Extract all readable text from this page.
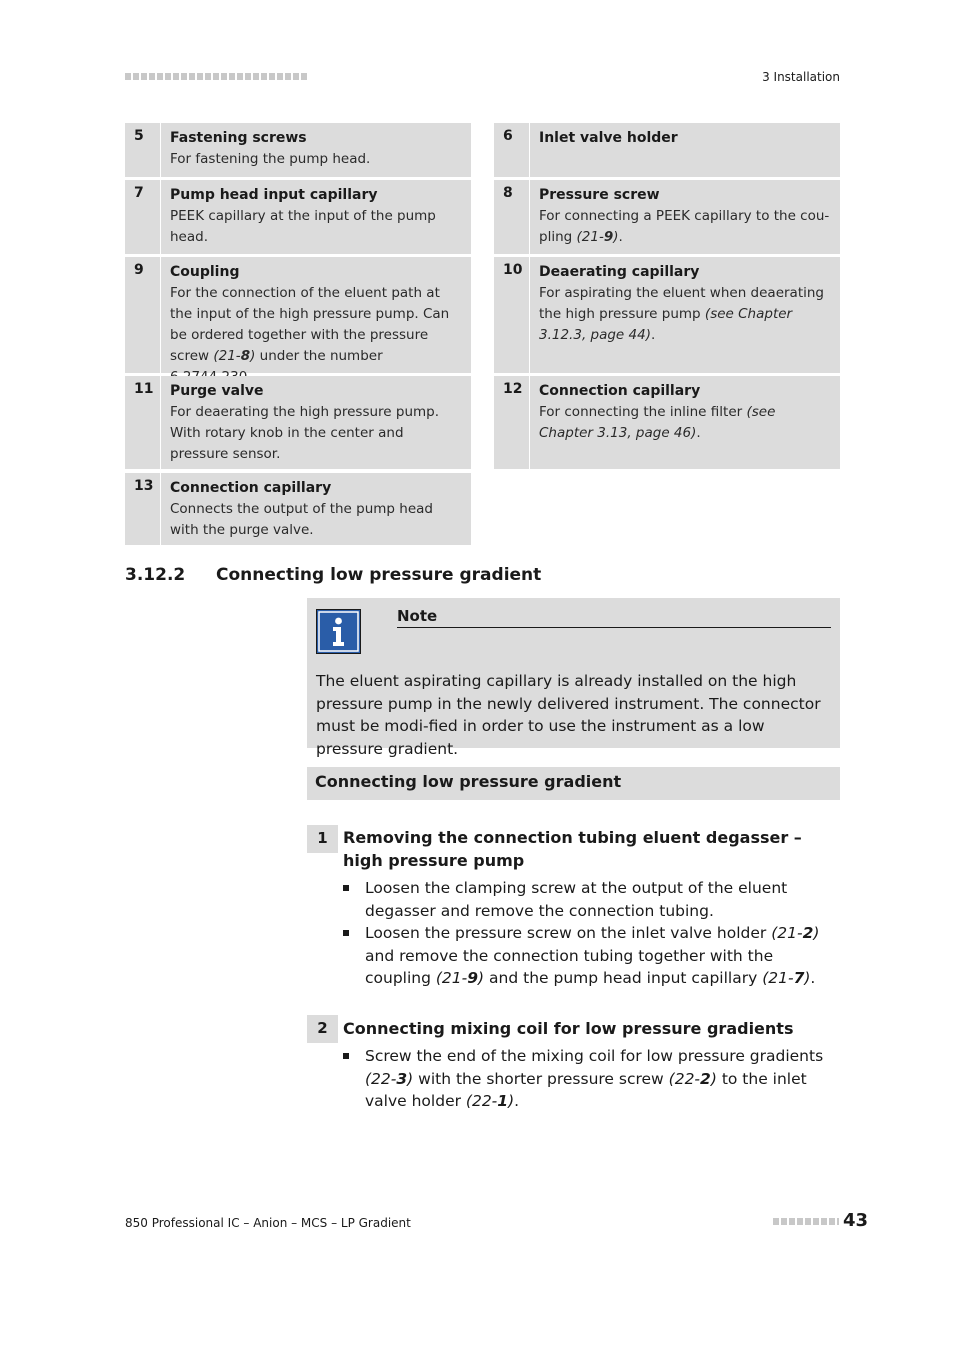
3 Installation
5	Fastening screws
For fastening the pump head.
6	Inlet valve holder
7	Pump head input capillary
PEEK capillary at the input of the pump head.
8	Pressure screw
For connecting a PEEK capillary to the cou-pling (21-9).
9	Coupling
For the connection of the eluent path at the input of the high pressure pump. Can be ordered together with the pressure screw (21-8) under the number
10	Deaerating capillary
For aspirating the eluent when deaerating the high pressure pump (see Chapter 3.12.3, page 44).
11	Purge valve
For deaerating the high pressure pump. With rotary knob in the center and pressure sensor.
12	Connection capillary
For connecting the inline filter (see Chapter 3.13, page 46).
13	Connection capillary
Connects the output of the pump head with the purge valve.
3.12.2 Connecting low pressure gradient
Note
The eluent aspirating capillary is already installed on the high pressure pump in the newly delivered instrument. The connector must be modi-fied in order to use the instrument as a low pressure gradient.
Connecting low pressure gradient
1 Removing the connection tubing eluent degasser – high pressure pump
Loosen the clamping screw at the output of the eluent degasser and remove the connection tubing.
Loosen the pressure screw on the inlet valve holder (21-2) and remove the connection tubing together with the coupling (21-9) and the pump head input capillary (21-7).
2 Connecting mixing coil for low pressure gradients
Screw the end of the mixing coil for low pressure gradients (22-3) with the shorter pressure screw (22-2) to the inlet valve holder (22-1).
850 Professional IC – Anion – MCS – LP Gradient	43
